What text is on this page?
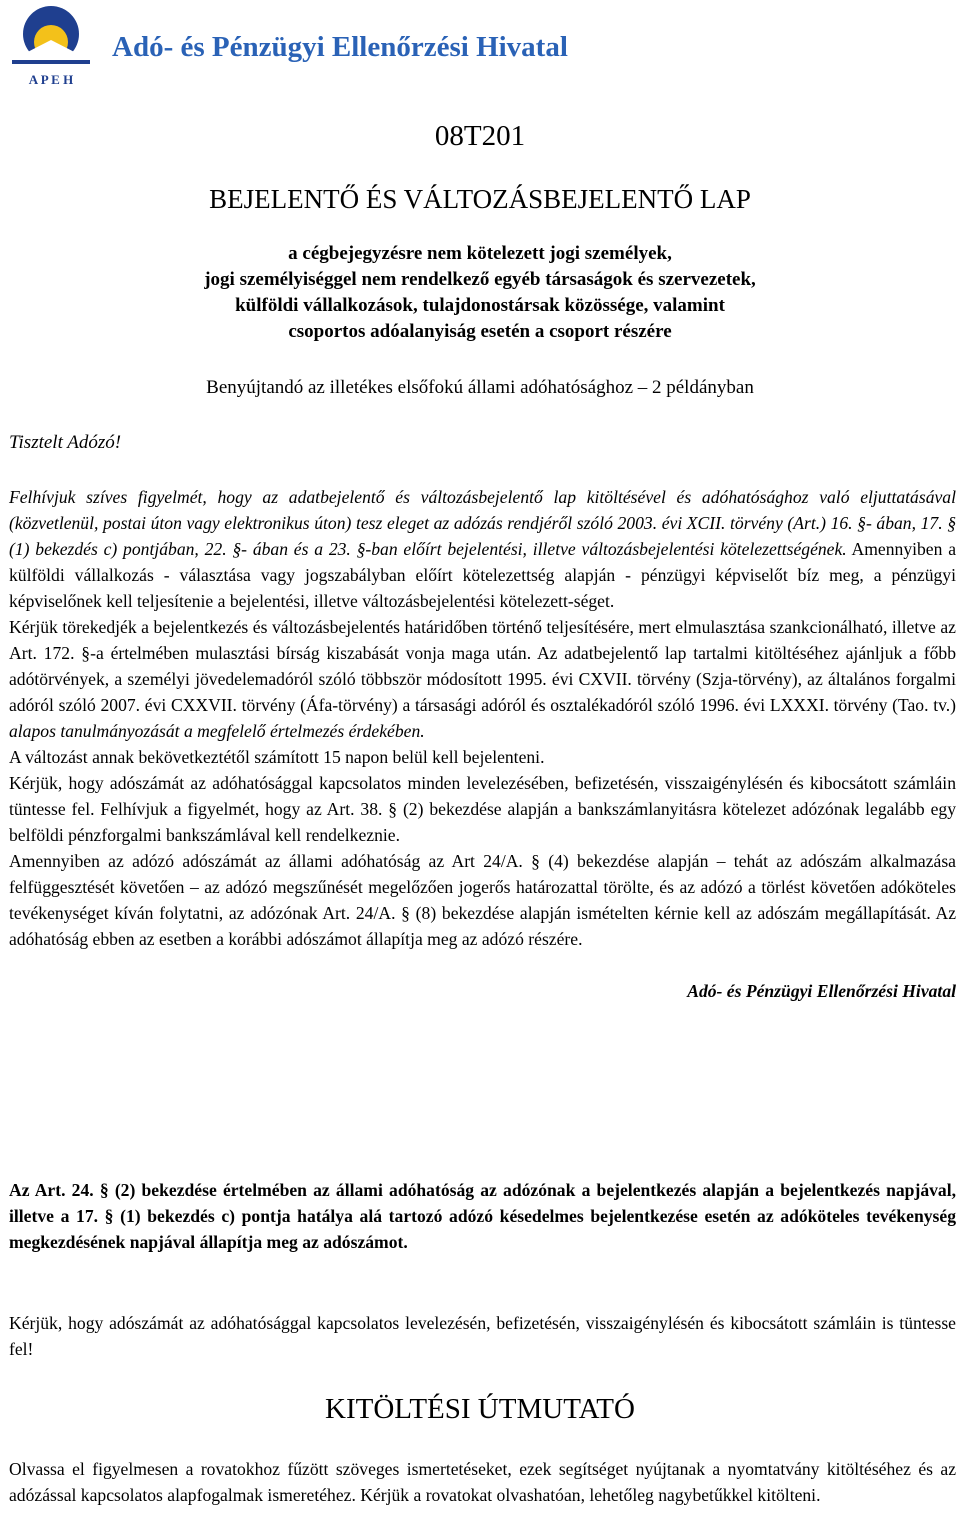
A P E H
Adó- és Pénzügyi Ellenőrzési Hivatal
08T201
BEJELENTŐ ÉS VÁLTOZÁSBEJELENTŐ LAP
a cégbejegyzésre nem kötelezett jogi személyek,
jogi személyiséggel nem rendelkező egyéb társaságok és szervezetek,
külföldi vállalkozások, tulajdonostársak közössége, valamint
csoportos adóalanyiság esetén a csoport részére
Benyújtandó az illetékes elsőfokú állami adóhatósághoz – 2 példányban
Tisztelt Adózó!

Felhívjuk szíves figyelmét, hogy az adatbejelentő és változásbejelentő lap kitöltésével és adóhatósághoz való eljuttatásával (közvetlenül, postai úton vagy elektronikus úton) tesz eleget az adózás rendjéről szóló 2003. évi XCII. törvény (Art.) 16. §- ában, 17. § (1) bekezdés c) pontjában, 22. §- ában és a 23. §-ban előírt bejelentési, illetve változásbejelentési kötelezettségének. Amennyiben a külföldi vállalkozás - választása vagy jogszabályban előírt kötelezettség alapján - pénzügyi képviselőt bíz meg, a pénzügyi képviselőnek kell teljesítenie a bejelentési, illetve változásbejelentési kötelezett-séget.

Kérjük törekedjék a bejelentkezés és változásbejelentés határidőben történő teljesítésére, mert elmulasztása szankcionálható, illetve az Art. 172. §-a értelmében mulasztási bírság kiszabását vonja maga után. Az adatbejelentő lap tartalmi kitöltéséhez ajánljuk a főbb adótörvények, a személyi jövedelemadóról szóló többször módosított 1995. évi CXVII. törvény (Szja-törvény), az általános forgalmi adóról szóló 2007. évi CXXVII. törvény (Áfa-törvény) a társasági adóról és osztalékadóról szóló 1996. évi LXXXI. törvény (Tao. tv.) alapos tanulmányozását a megfelelő értelmezés érdekében.

A változást annak bekövetkeztétől számított 15 napon belül kell bejelenteni.

Kérjük, hogy adószámát az adóhatósággal kapcsolatos minden levelezésében, befizetésén, visszaigénylésén és kibocsátott számláin tüntesse fel. Felhívjuk a figyelmét, hogy az Art. 38. § (2) bekezdése alapján a bankszámlanyitásra kötelezet adózónak legalább egy belföldi pénzforgalmi bankszámlával kell rendelkeznie.

Amennyiben az adózó adószámát az állami adóhatóság az Art 24/A. § (4) bekezdése alapján – tehát az adószám alkalmazása felfüggesztését követően – az adózó megszűnését megelőzően jogerős határozattal törölte, és az adózó a törlést követően adóköteles tevékenységet kíván folytatni, az adózónak Art. 24/A. § (8) bekezdése alapján ismételten kérnie kell az adószám megállapítását. Az adóhatóság ebben az esetben a korábbi adószámot állapítja meg az adózó részére.

Adó- és Pénzügyi Ellenőrzési Hivatal

Az Art. 24. § (2) bekezdése értelmében az állami adóhatóság az adózónak a bejelentkezés alapján a bejelentkezés napjával, illetve a 17. § (1) bekezdés c) pontja hatálya alá tartozó adózó késedelmes bejelentkezése esetén az adóköteles tevékenység megkezdésének napjával állapítja meg az adószámot.
Kérjük, hogy adószámát az adóhatósággal kapcsolatos levelezésén, befizetésén, visszaigénylésén és kibocsátott számláin is tüntesse fel!
KITÖLTÉSI ÚTMUTATÓ
Olvassa el figyelmesen a rovatokhoz fűzött szöveges ismertetéseket, ezek segítséget nyújtanak a nyomtatvány kitöltéséhez és az adózással kapcsolatos alapfogalmak ismeretéhez. Kérjük a rovatokat olvashatóan, lehetőleg nagybetűkkel kitölteni.
